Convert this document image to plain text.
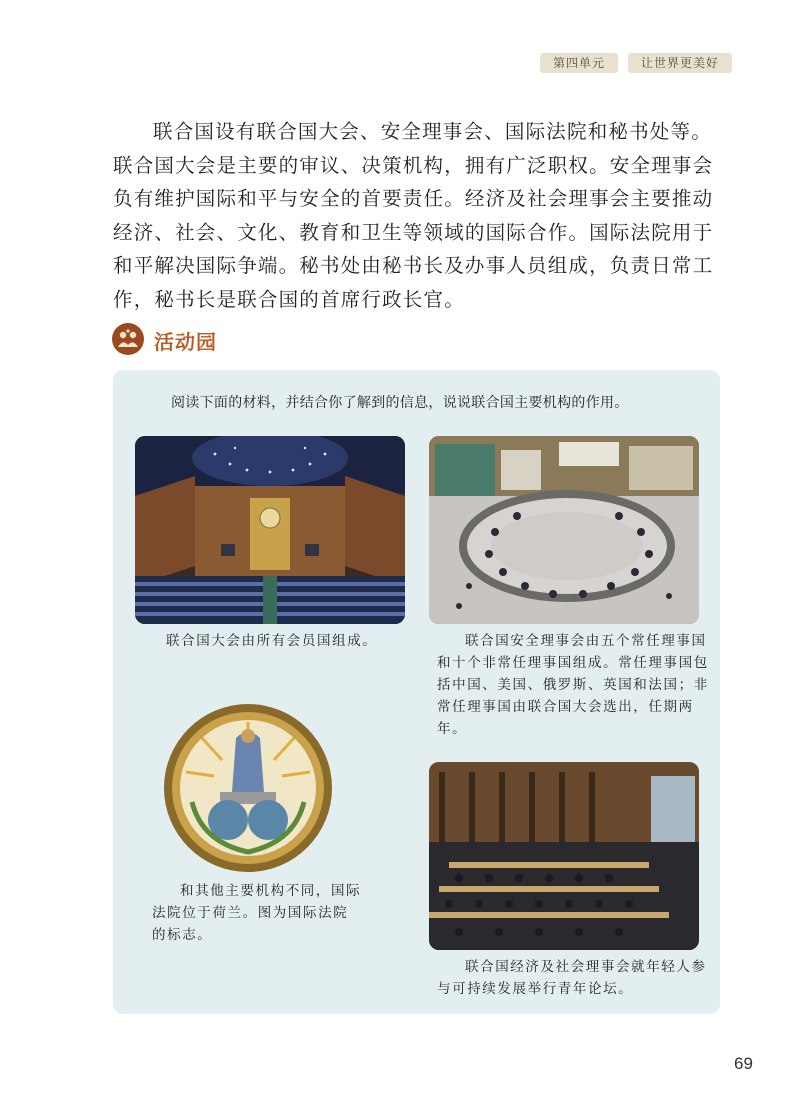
第四单元	让世界更美好
联合国设有联合国大会、安全理事会、国际法院和秘书处等。联合国大会是主要的审议、决策机构，拥有广泛职权。安全理事会负有维护国际和平与安全的首要责任。经济及社会理事会主要推动经济、社会、文化、教育和卫生等领域的国际合作。国际法院用于和平解决国际争端。秘书处由秘书长及办事人员组成，负责日常工作，秘书长是联合国的首席行政长官。
活动园
阅读下面的材料，并结合你了解到的信息，说说联合国主要机构的作用。
联合国大会由所有会员国组成。	联合国安全理事会由五个常任理事国和十个非常任理事国组成。常任理事国包括中国、美国、俄罗斯、英国和法国；非常任理事国由联合国大会选出，任期两年。
和其他主要机构不同，国际法院位于荷兰。图为国际法院的标志。
联合国经济及社会理事会就年轻人参与可持续发展举行青年论坛。
69
